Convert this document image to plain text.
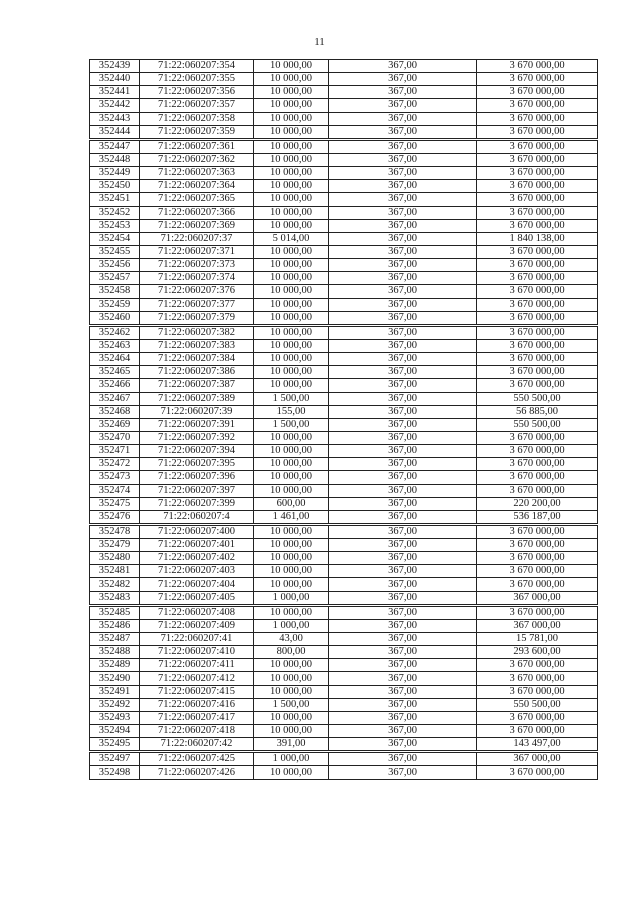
11
352439	71:22:060207:354	10 000,00	367,00	3 670 000,00
352440	71:22:060207:355	10 000,00	367,00	3 670 000,00
352441	71:22:060207:356	10 000,00	367,00	3 670 000,00
352442	71:22:060207:357	10 000,00	367,00	3 670 000,00
352443	71:22:060207:358	10 000,00	367,00	3 670 000,00
352444	71:22:060207:359	10 000,00	367,00	3 670 000,00
352447	71:22:060207:361	10 000,00	367,00	3 670 000,00
352448	71:22:060207:362	10 000,00	367,00	3 670 000,00
352449	71:22:060207:363	10 000,00	367,00	3 670 000,00
352450	71:22:060207:364	10 000,00	367,00	3 670 000,00
352451	71:22:060207:365	10 000,00	367,00	3 670 000,00
352452	71:22:060207:366	10 000,00	367,00	3 670 000,00
352453	71:22:060207:369	10 000,00	367,00	3 670 000,00
352454	71:22:060207:37	5 014,00	367,00	1 840 138,00
352455	71:22:060207:371	10 000,00	367,00	3 670 000,00
352456	71:22:060207:373	10 000,00	367,00	3 670 000,00
352457	71:22:060207:374	10 000,00	367,00	3 670 000,00
352458	71:22:060207:376	10 000,00	367,00	3 670 000,00
352459	71:22:060207:377	10 000,00	367,00	3 670 000,00
352460	71:22:060207:379	10 000,00	367,00	3 670 000,00
352462	71:22:060207:382	10 000,00	367,00	3 670 000,00
352463	71:22:060207:383	10 000,00	367,00	3 670 000,00
352464	71:22:060207:384	10 000,00	367,00	3 670 000,00
352465	71:22:060207:386	10 000,00	367,00	3 670 000,00
352466	71:22:060207:387	10 000,00	367,00	3 670 000,00
352467	71:22:060207:389	1 500,00	367,00	550 500,00
352468	71:22:060207:39	155,00	367,00	56 885,00
352469	71:22:060207:391	1 500,00	367,00	550 500,00
352470	71:22:060207:392	10 000,00	367,00	3 670 000,00
352471	71:22:060207:394	10 000,00	367,00	3 670 000,00
352472	71:22:060207:395	10 000,00	367,00	3 670 000,00
352473	71:22:060207:396	10 000,00	367,00	3 670 000,00
352474	71:22:060207:397	10 000,00	367,00	3 670 000,00
352475	71:22:060207:399	600,00	367,00	220 200,00
352476	71:22:060207:4	1 461,00	367,00	536 187,00
352478	71:22:060207:400	10 000,00	367,00	3 670 000,00
352479	71:22:060207:401	10 000,00	367,00	3 670 000,00
352480	71:22:060207:402	10 000,00	367,00	3 670 000,00
352481	71:22:060207:403	10 000,00	367,00	3 670 000,00
352482	71:22:060207:404	10 000,00	367,00	3 670 000,00
352483	71:22:060207:405	1 000,00	367,00	367 000,00
352485	71:22:060207:408	10 000,00	367,00	3 670 000,00
352486	71:22:060207:409	1 000,00	367,00	367 000,00
352487	71:22:060207:41	43,00	367,00	15 781,00
352488	71:22:060207:410	800,00	367,00	293 600,00
352489	71:22:060207:411	10 000,00	367,00	3 670 000,00
352490	71:22:060207:412	10 000,00	367,00	3 670 000,00
352491	71:22:060207:415	10 000,00	367,00	3 670 000,00
352492	71:22:060207:416	1 500,00	367,00	550 500,00
352493	71:22:060207:417	10 000,00	367,00	3 670 000,00
352494	71:22:060207:418	10 000,00	367,00	3 670 000,00
352495	71:22:060207:42	391,00	367,00	143 497,00
352497	71:22:060207:425	1 000,00	367,00	367 000,00
352498	71:22:060207:426	10 000,00	367,00	3 670 000,00
